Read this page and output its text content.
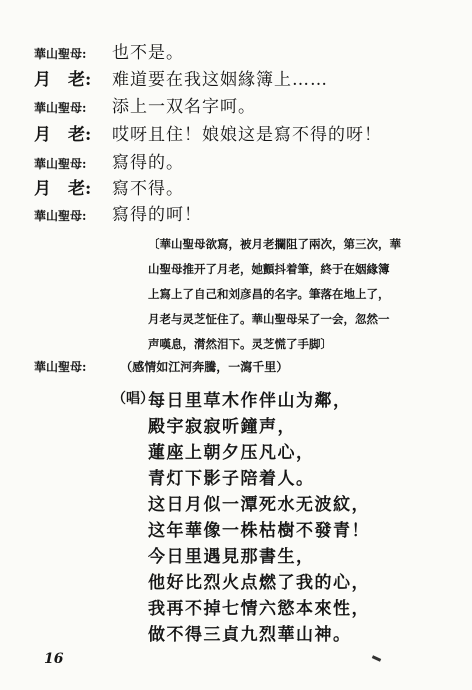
華山聖母:	也不是。
月　老:	难道要在我这姻緣簿上……
華山聖母:	添上一双名字呵。
月　老:	哎呀且住！娘娘这是寫不得的呀！
華山聖母:	寫得的。
月　老:	寫不得。
華山聖母:	寫得的呵！
〔華山聖母欲寫，被月老攔阻了兩次，第三次，華
山聖母推开了月老，她顫抖着筆，終于在姻緣簿
上寫上了自己和刘彦昌的名字。筆落在地上了，
月老与灵芝怔住了。華山聖母呆了一会，忽然一
声嘆息，潸然泪下。灵芝慌了手脚〕
華山聖母:	（感情如江河奔騰，一瀉千里）
（唱）
每日里草木作伴山为鄰，
殿宇寂寂听鐘声，
蓮座上朝夕压凡心，
青灯下影子陪着人。
这日月似一潭死水无波紋，
这年華像一株枯樹不發青！
今日里遇見那書生，
他好比烈火点燃了我的心，
我再不掉七情六慾本來性，
做不得三貞九烈華山神。
16
